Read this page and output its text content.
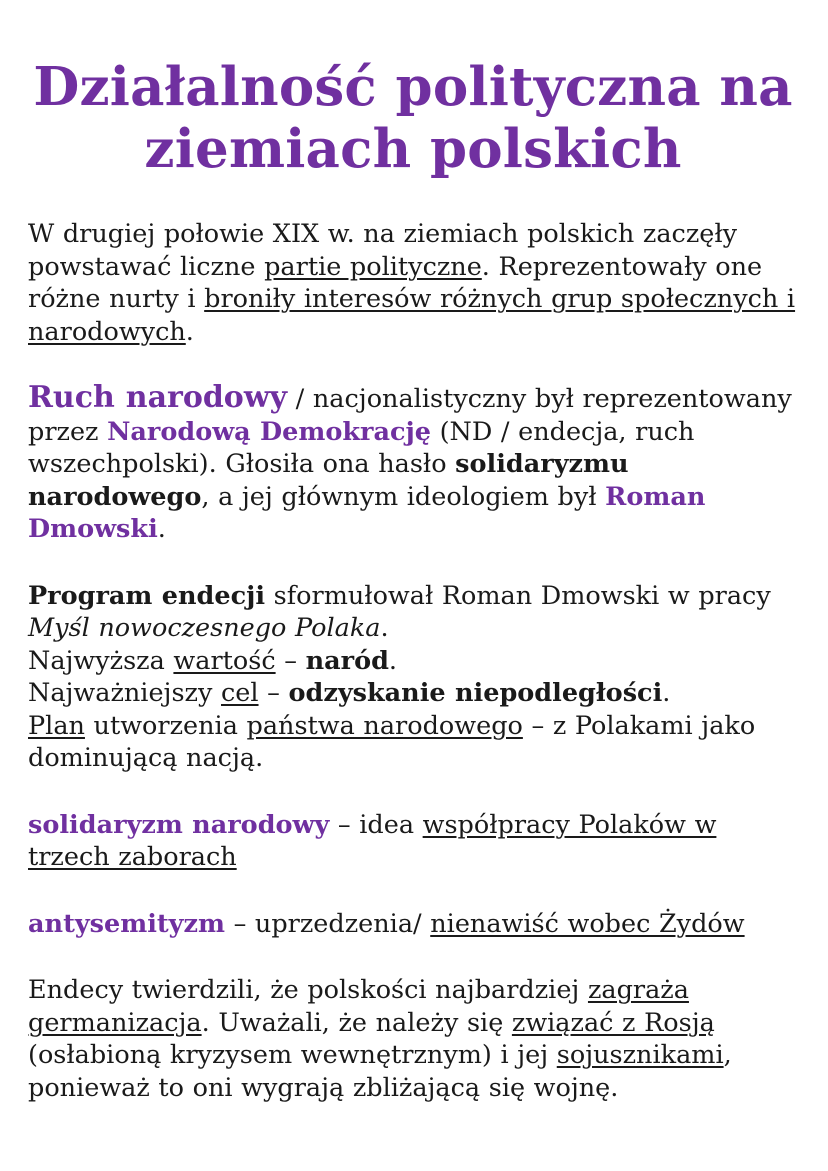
Działalność polityczna na
ziemiach polskich

W drugiej połowie XIX w. na ziemiach polskich zaczęły powstawać liczne partie polityczne. Reprezentowały one różne nurty i broniły interesów różnych grup społecznych i narodowych.

Ruch narodowy / nacjonalistyczny był reprezentowany przez Narodową Demokrację (ND / endecja, ruch wszechpolski). Głosiła ona hasło solidaryzmu narodowego, a jej głównym ideologiem był Roman Dmowski.

Program endecji sformułował Roman Dmowski w pracy
Myśl nowoczesnego Polaka.
Najwyższa wartość – naród.
Najważniejszy cel – odzyskanie niepodległości.
Plan utworzenia państwa narodowego – z Polakami jako dominującą nacją.

solidaryzm narodowy – idea współpracy Polaków w trzech zaborach

antysemityzm – uprzedzenia/ nienawiść wobec Żydów

Endecy twierdzili, że polskości najbardziej zagraża germanizacja. Uważali, że należy się związać z Rosją (osłabioną kryzysem wewnętrznym) i jej sojusznikami, ponieważ to oni wygrają zbliżającą się wojnę.
